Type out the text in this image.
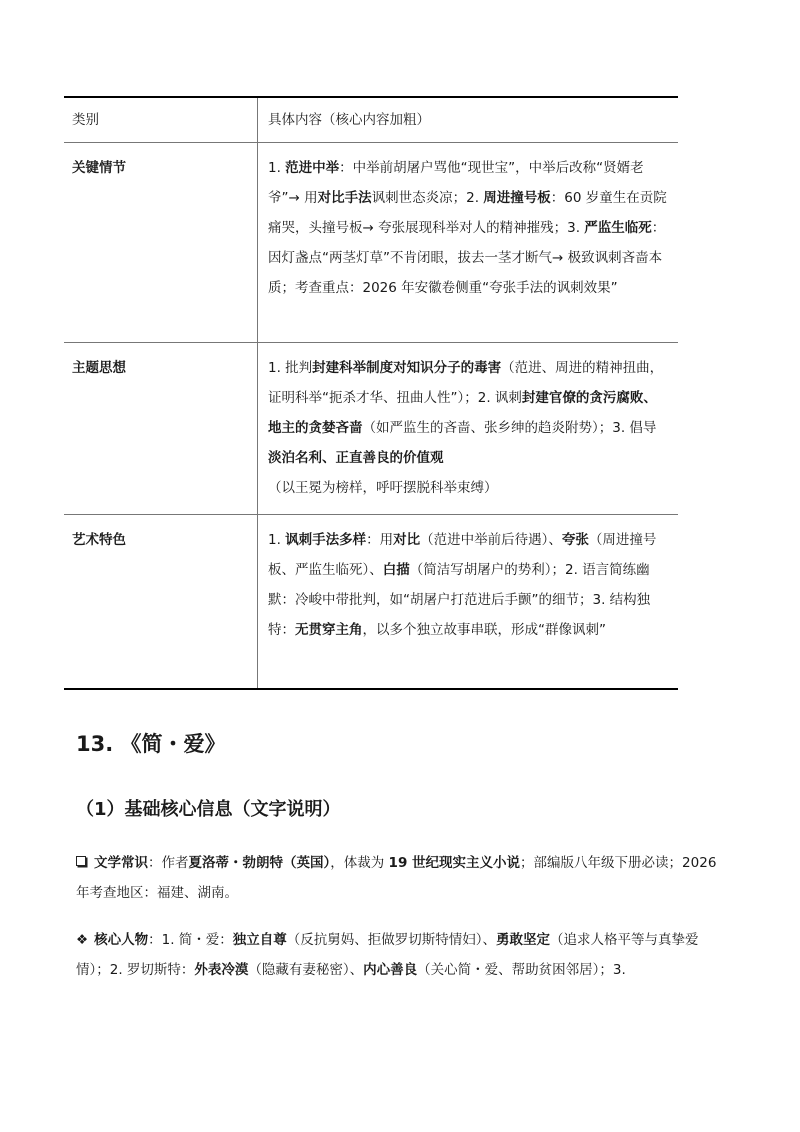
类别	具体内容（核心内容加粗）

关键情节	1. 范进中举：中举前胡屠户骂他“现世宝”，中举后改称“贤婿老爷”→ 用对比手法讽刺世态炎凉；2. 周进撞号板：60 岁童生在贡院痛哭，头撞号板→ 夸张展现科举对人的精神摧残；3. 严监生临死：因灯盏点“两茎灯草”不肯闭眼，拔去一茎才断气→ 极致讽刺吝啬本质；考查重点：2026 年安徽卷侧重“夸张手法的讽刺效果”

主题思想	1. 批判封建科举制度对知识分子的毒害（范进、周进的精神扭曲，证明科举“扼杀才华、扭曲人性”）；2. 讽刺封建官僚的贪污腐败、地主的贪婪吝啬（如严监生的吝啬、张乡绅的趋炎附势）；3. 倡导淡泊名利、正直善良的价值观（以王冕为榜样，呼吁摆脱科举束缚）

艺术特色	1. 讽刺手法多样：用对比（范进中举前后待遇）、夸张（周进撞号板、严监生临死）、白描（简洁写胡屠户的势利）；2. 语言简练幽默：冷峻中带批判，如“胡屠户打范进后手颤”的细节；3. 结构独特：无贯穿主角，以多个独立故事串联，形成“群像讽刺”

13. 《简・爱》
（1）基础核心信息（文字说明）
文学常识：作者夏洛蒂・勃朗特（英国），体裁为 19 世纪现实主义小说；部编版八年级下册必读；2026 年考查地区：福建、湖南。
❖ 核心人物：1. 简・爱：独立自尊（反抗舅妈、拒做罗切斯特情妇）、勇敢坚定（追求人格平等与真挚爱情）；2. 罗切斯特：外表冷漠（隐藏有妻秘密）、内心善良（关心简・爱、帮助贫困邻居）；3.
